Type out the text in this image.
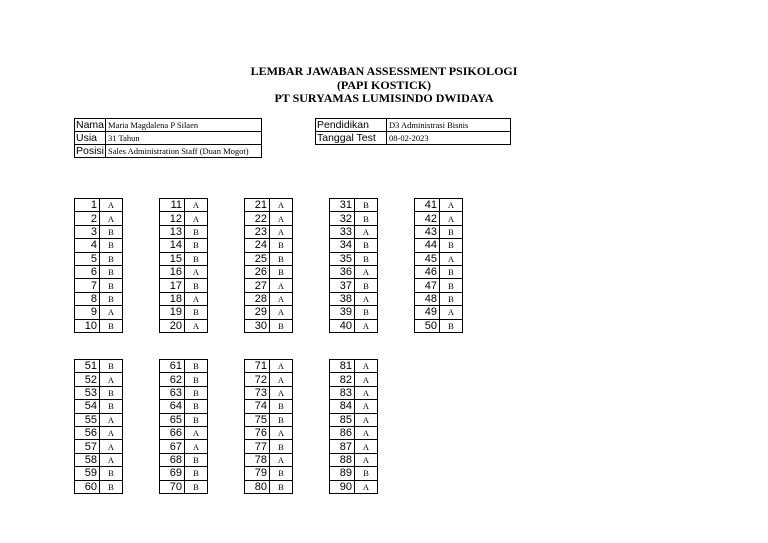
LEMBAR JAWABAN ASSESSMENT PSIKOLOGI
(PAPI KOSTICK)
PT SURYAMAS LUMISINDO DWIDAYA
Nama	Maria Magdalena P Silaen
Usia	31 Tahun
Posisi	Sales Administration Staff (Duan Mogot)
Pendidikan	D3 Administrasi Bisnis
Tanggal Test	08-02-2023
1	A
2	A
3	B
4	B
5	B
6	B
7	B
8	B
9	A
10	B
11	A
12	A
13	B
14	B
15	B
16	A
17	B
18	A
19	B
20	A
21	A
22	A
23	A
24	B
25	B
26	B
27	A
28	A
29	A
30	B
31	B
32	B
33	A
34	B
35	B
36	A
37	B
38	A
39	B
40	A
41	A
42	A
43	B
44	B
45	A
46	B
47	B
48	B
49	A
50	B
51	B
52	A
53	B
54	B
55	A
56	A
57	A
58	A
59	B
60	B
61	B
62	B
63	B
64	B
65	B
66	A
67	A
68	B
69	B
70	B
71	A
72	A
73	A
74	B
75	B
76	A
77	B
78	A
79	B
80	B
81	A
82	A
83	A
84	A
85	A
86	A
87	A
88	A
89	B
90	A
